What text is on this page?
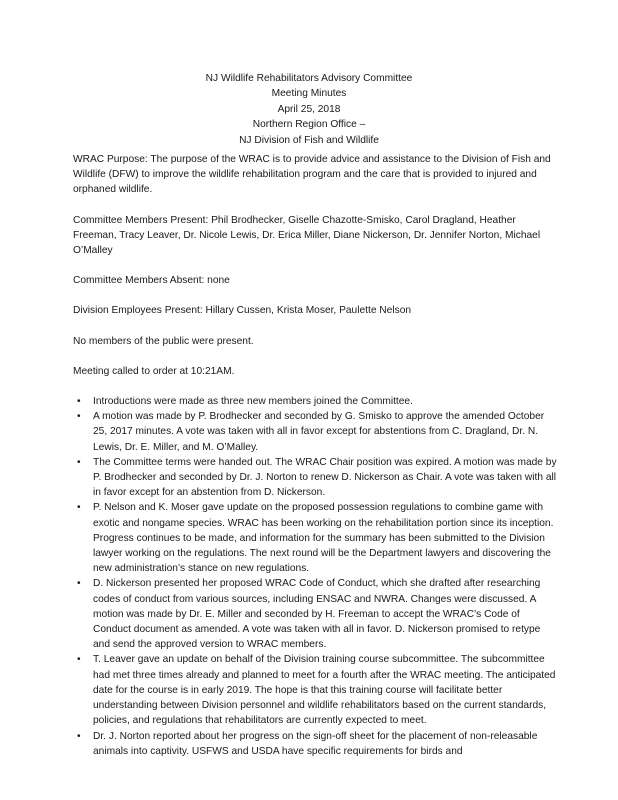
NJ Wildlife Rehabilitators Advisory Committee
Meeting Minutes
April 25, 2018
Northern Region Office –
NJ Division of Fish and Wildlife

WRAC Purpose: The purpose of the WRAC is to provide advice and assistance to the Division of Fish and Wildlife (DFW) to improve the wildlife rehabilitation program and the care that is provided to injured and orphaned wildlife.

Committee Members Present: Phil Brodhecker, Giselle Chazotte-Smisko, Carol Dragland, Heather Freeman, Tracy Leaver, Dr. Nicole Lewis, Dr. Erica Miller, Diane Nickerson, Dr. Jennifer Norton, Michael O’Malley

Committee Members Absent: none

Division Employees Present: Hillary Cussen, Krista Moser, Paulette Nelson

No members of the public were present.

Meeting called to order at 10:21AM.

• Introductions were made as three new members joined the Committee.
• A motion was made by P. Brodhecker and seconded by G. Smisko to approve the amended October 25, 2017 minutes. A vote was taken with all in favor except for abstentions from C. Dragland, Dr. N. Lewis, Dr. E. Miller, and M. O’Malley.
• The Committee terms were handed out. The WRAC Chair position was expired. A motion was made by P. Brodhecker and seconded by Dr. J. Norton to renew D. Nickerson as Chair. A vote was taken with all in favor except for an abstention from D. Nickerson.
• P. Nelson and K. Moser gave update on the proposed possession regulations to combine game with exotic and nongame species. WRAC has been working on the rehabilitation portion since its inception. Progress continues to be made, and information for the summary has been submitted to the Division lawyer working on the regulations. The next round will be the Department lawyers and discovering the new administration’s stance on new regulations.
• D. Nickerson presented her proposed WRAC Code of Conduct, which she drafted after researching codes of conduct from various sources, including ENSAC and NWRA. Changes were discussed. A motion was made by Dr. E. Miller and seconded by H. Freeman to accept the WRAC’s Code of Conduct document as amended. A vote was taken with all in favor. D. Nickerson promised to retype and send the approved version to WRAC members.
• T. Leaver gave an update on behalf of the Division training course subcommittee. The subcommittee had met three times already and planned to meet for a fourth after the WRAC meeting. The anticipated date for the course is in early 2019. The hope is that this training course will facilitate better understanding between Division personnel and wildlife rehabilitators based on the current standards, policies, and regulations that rehabilitators are currently expected to meet.
• Dr. J. Norton reported about her progress on the sign-off sheet for the placement of non-releasable animals into captivity. USFWS and USDA have specific requirements for birds and
